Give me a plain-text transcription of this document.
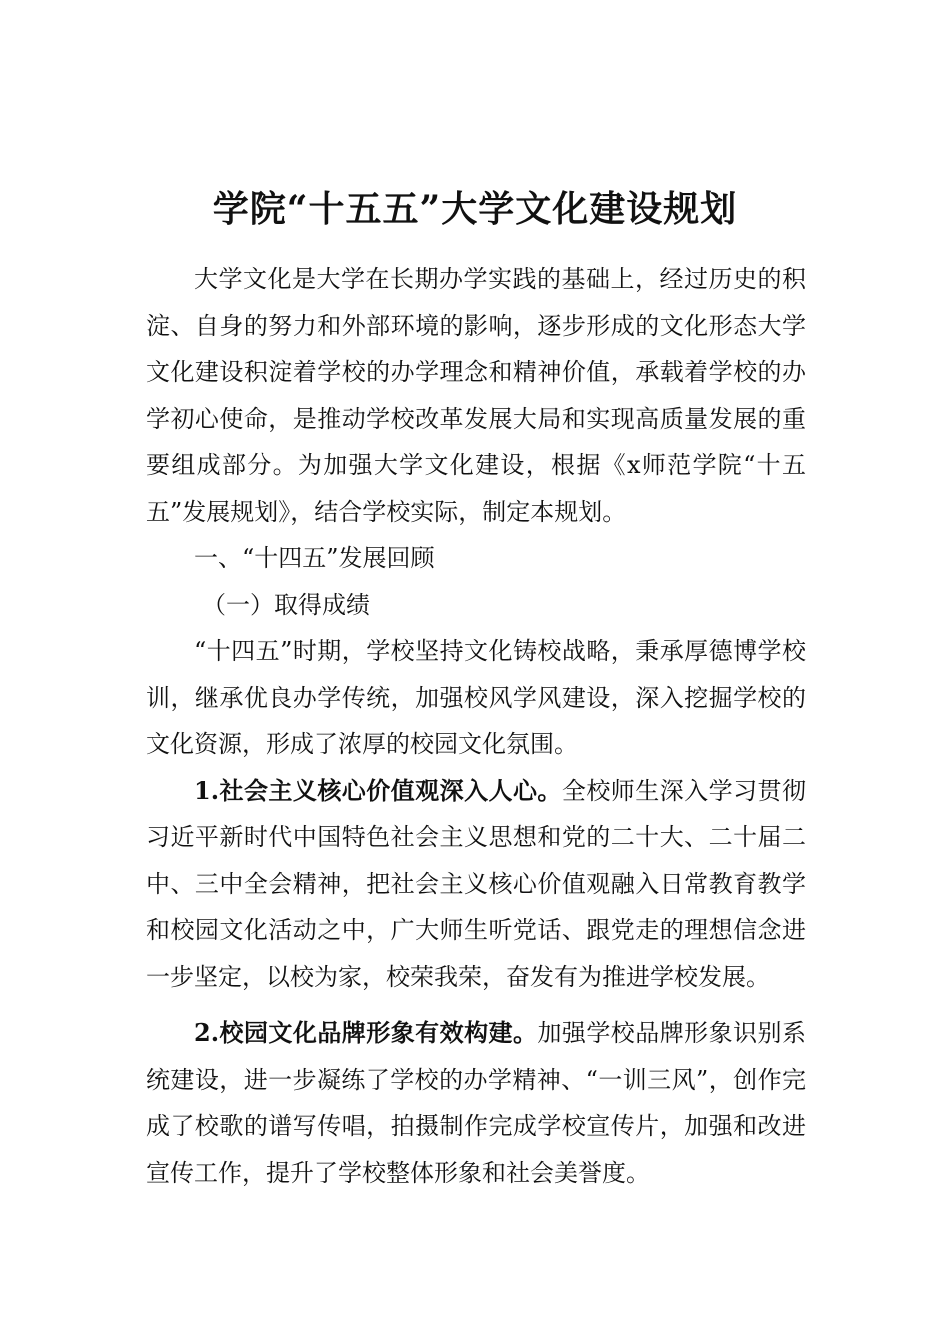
学院“十五五”大学文化建设规划

大学文化是大学在长期办学实践的基础上，经过历史的积淀、自身的努力和外部环境的影响，逐步形成的文化形态大学文化建设积淀着学校的办学理念和精神价值，承载着学校的办学初心使命，是推动学校改革发展大局和实现高质量发展的重要组成部分。为加强大学文化建设，根据《x师范学院“十五五”发展规划》，结合学校实际，制定本规划。

一、“十四五”发展回顾

（一）取得成绩

“十四五”时期，学校坚持文化铸校战略，秉承厚德博学校训，继承优良办学传统，加强校风学风建设，深入挖掘学校的文化资源，形成了浓厚的校园文化氛围。

1.社会主义核心价值观深入人心。全校师生深入学习贯彻习近平新时代中国特色社会主义思想和党的二十大、二十届二中、三中全会精神，把社会主义核心价值观融入日常教育教学和校园文化活动之中，广大师生听党话、跟党走的理想信念进一步坚定，以校为家，校荣我荣，奋发有为推进学校发展。

2.校园文化品牌形象有效构建。加强学校品牌形象识别系统建设，进一步凝练了学校的办学精神、“一训三风”，创作完成了校歌的谱写传唱，拍摄制作完成学校宣传片，加强和改进宣传工作，提升了学校整体形象和社会美誉度。
